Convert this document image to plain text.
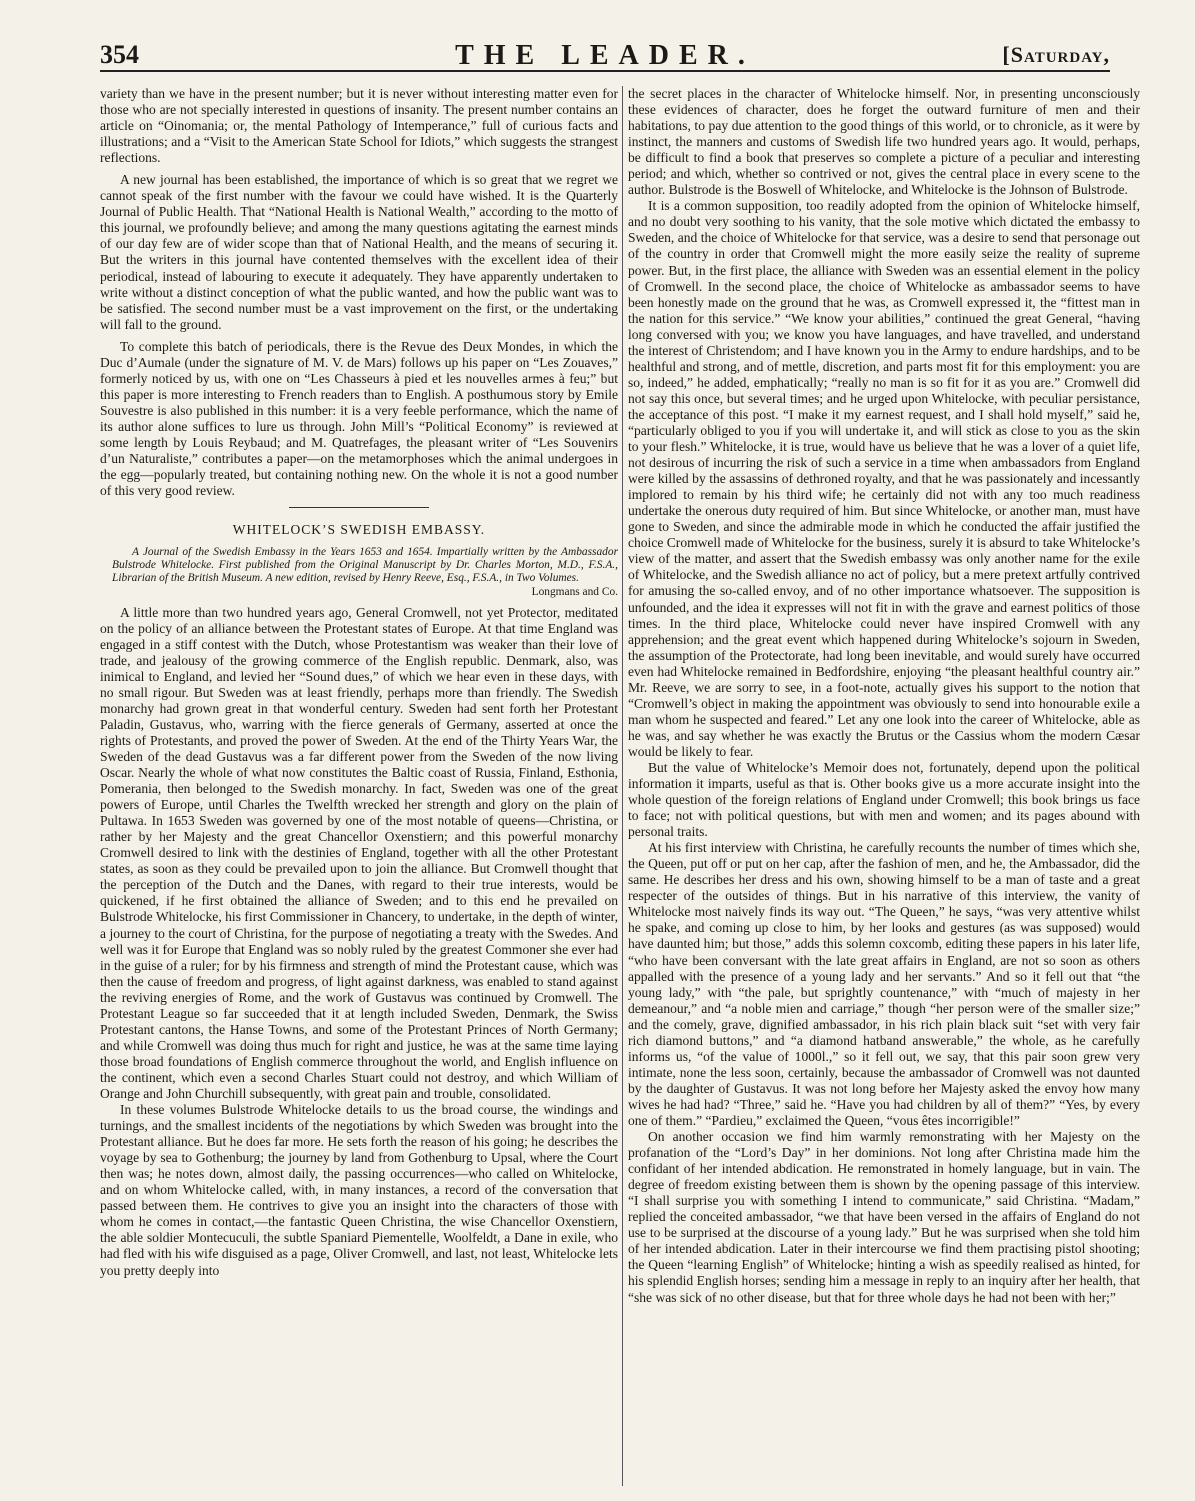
354	THE LEADER.	[Saturday,

variety than we have in the present number; but it is never without interesting matter even for those who are not specially interested in questions of insanity. The present number contains an article on “Oinomania; or, the mental Pathology of Intemperance,” full of curious facts and illustrations; and a “Visit to the American State School for Idiots,” which suggests the strangest reflections.

A new journal has been established, the importance of which is so great that we regret we cannot speak of the first number with the favour we could have wished. It is the Quarterly Journal of Public Health. That “National Health is National Wealth,” according to the motto of this journal, we profoundly believe; and among the many questions agitating the earnest minds of our day few are of wider scope than that of National Health, and the means of securing it. But the writers in this journal have contented themselves with the excellent idea of their periodical, instead of labouring to execute it adequately. They have apparently undertaken to write without a distinct conception of what the public wanted, and how the public want was to be satisfied. The second number must be a vast improvement on the first, or the undertaking will fall to the ground.

To complete this batch of periodicals, there is the Revue des Deux Mondes, in which the Duc d’Aumale (under the signature of M. V. de Mars) follows up his paper on “Les Zouaves,” formerly noticed by us, with one on “Les Chasseurs à pied et les nouvelles armes à feu;” but this paper is more interesting to French readers than to English. A posthumous story by Emile Souvestre is also published in this number: it is a very feeble performance, which the name of its author alone suffices to lure us through. John Mill’s “Political Economy” is reviewed at some length by Louis Reybaud; and M. Quatrefages, the pleasant writer of “Les Souvenirs d’un Naturaliste,” contributes a paper—on the metamorphoses which the animal undergoes in the egg—popularly treated, but containing nothing new. On the whole it is not a good number of this very good review.

WHITELOCK’S SWEDISH EMBASSY.

A Journal of the Swedish Embassy in the Years 1653 and 1654. Impartially written by the Ambassador Bulstrode Whitelocke. First published from the Original Manuscript by Dr. Charles Morton, M.D., F.S.A., Librarian of the British Museum. A new edition, revised by Henry Reeve, Esq., F.S.A., in Two Volumes.

Longmans and Co.

A little more than two hundred years ago, General Cromwell, not yet Protector, meditated on the policy of an alliance between the Protestant states of Europe. At that time England was engaged in a stiff contest with the Dutch, whose Protestantism was weaker than their love of trade, and jealousy of the growing commerce of the English republic. Denmark, also, was inimical to England, and levied her “Sound dues,” of which we hear even in these days, with no small rigour. But Sweden was at least friendly, perhaps more than friendly. The Swedish monarchy had grown great in that wonderful century. Sweden had sent forth her Protestant Paladin, Gustavus, who, warring with the fierce generals of Germany, asserted at once the rights of Protestants, and proved the power of Sweden. At the end of the Thirty Years War, the Sweden of the dead Gustavus was a far different power from the Sweden of the now living Oscar. Nearly the whole of what now constitutes the Baltic coast of Russia, Finland, Esthonia, Pomerania, then belonged to the Swedish monarchy. In fact, Sweden was one of the great powers of Europe, until Charles the Twelfth wrecked her strength and glory on the plain of Pultawa. In 1653 Sweden was governed by one of the most notable of queens—Christina, or rather by her Majesty and the great Chancellor Oxenstiern; and this powerful monarchy Cromwell desired to link with the destinies of England, together with all the other Protestant states, as soon as they could be prevailed upon to join the alliance. But Cromwell thought that the perception of the Dutch and the Danes, with regard to their true interests, would be quickened, if he first obtained the alliance of Sweden; and to this end he prevailed on Bulstrode Whitelocke, his first Commissioner in Chancery, to undertake, in the depth of winter, a journey to the court of Christina, for the purpose of negotiating a treaty with the Swedes. And well was it for Europe that England was so nobly ruled by the greatest Commoner she ever had in the guise of a ruler; for by his firmness and strength of mind the Protestant cause, which was then the cause of freedom and progress, of light against darkness, was enabled to stand against the reviving energies of Rome, and the work of Gustavus was continued by Cromwell. The Protestant League so far succeeded that it at length included Sweden, Denmark, the Swiss Protestant cantons, the Hanse Towns, and some of the Protestant Princes of North Germany; and while Cromwell was doing thus much for right and justice, he was at the same time laying those broad foundations of English commerce throughout the world, and English influence on the continent, which even a second Charles Stuart could not destroy, and which William of Orange and John Churchill subsequently, with great pain and trouble, consolidated.

In these volumes Bulstrode Whitelocke details to us the broad course, the windings and turnings, and the smallest incidents of the negotiations by which Sweden was brought into the Protestant alliance. But he does far more. He sets forth the reason of his going; he describes the voyage by sea to Gothenburg; the journey by land from Gothenburg to Upsal, where the Court then was; he notes down, almost daily, the passing occurrences—who called on Whitelocke, and on whom Whitelocke called, with, in many instances, a record of the conversation that passed between them. He contrives to give you an insight into the characters of those with whom he comes in contact,—the fantastic Queen Christina, the wise Chancellor Oxenstiern, the able soldier Montecuculi, the subtle Spaniard Piementelle, Woolfeldt, a Dane in exile, who had fled with his wife disguised as a page, Oliver Cromwell, and last, not least, Whitelocke lets you pretty deeply into

the secret places in the character of Whitelocke himself. Nor, in presenting unconsciously these evidences of character, does he forget the outward furniture of men and their habitations, to pay due attention to the good things of this world, or to chronicle, as it were by instinct, the manners and customs of Swedish life two hundred years ago. It would, perhaps, be difficult to find a book that preserves so complete a picture of a peculiar and interesting period; and which, whether so contrived or not, gives the central place in every scene to the author. Bulstrode is the Boswell of Whitelocke, and Whitelocke is the Johnson of Bulstrode.

It is a common supposition, too readily adopted from the opinion of Whitelocke himself, and no doubt very soothing to his vanity, that the sole motive which dictated the embassy to Sweden, and the choice of Whitelocke for that service, was a desire to send that personage out of the country in order that Cromwell might the more easily seize the reality of supreme power. But, in the first place, the alliance with Sweden was an essential element in the policy of Cromwell. In the second place, the choice of Whitelocke as ambassador seems to have been honestly made on the ground that he was, as Cromwell expressed it, the “fittest man in the nation for this service.” “We know your abilities,” continued the great General, “having long conversed with you; we know you have languages, and have travelled, and understand the interest of Christendom; and I have known you in the Army to endure hardships, and to be healthful and strong, and of mettle, discretion, and parts most fit for this employment: you are so, indeed,” he added, emphatically; “really no man is so fit for it as you are.” Cromwell did not say this once, but several times; and he urged upon Whitelocke, with peculiar persistance, the acceptance of this post. “I make it my earnest request, and I shall hold myself,” said he, “particularly obliged to you if you will undertake it, and will stick as close to you as the skin to your flesh.” Whitelocke, it is true, would have us believe that he was a lover of a quiet life, not desirous of incurring the risk of such a service in a time when ambassadors from England were killed by the assassins of dethroned royalty, and that he was passionately and incessantly implored to remain by his third wife; he certainly did not with any too much readiness undertake the onerous duty required of him. But since Whitelocke, or another man, must have gone to Sweden, and since the admirable mode in which he conducted the affair justified the choice Cromwell made of Whitelocke for the business, surely it is absurd to take Whitelocke’s view of the matter, and assert that the Swedish embassy was only another name for the exile of Whitelocke, and the Swedish alliance no act of policy, but a mere pretext artfully contrived for amusing the so-called envoy, and of no other importance whatsoever. The supposition is unfounded, and the idea it expresses will not fit in with the grave and earnest politics of those times. In the third place, Whitelocke could never have inspired Cromwell with any apprehension; and the great event which happened during Whitelocke’s sojourn in Sweden, the assumption of the Protectorate, had long been inevitable, and would surely have occurred even had Whitelocke remained in Bedfordshire, enjoying “the pleasant healthful country air.” Mr. Reeve, we are sorry to see, in a foot-note, actually gives his support to the notion that “Cromwell’s object in making the appointment was obviously to send into honourable exile a man whom he suspected and feared.” Let any one look into the career of Whitelocke, able as he was, and say whether he was exactly the Brutus or the Cassius whom the modern Cæsar would be likely to fear.

But the value of Whitelocke’s Memoir does not, fortunately, depend upon the political information it imparts, useful as that is. Other books give us a more accurate insight into the whole question of the foreign relations of England under Cromwell; this book brings us face to face; not with political questions, but with men and women; and its pages abound with personal traits.

At his first interview with Christina, he carefully recounts the number of times which she, the Queen, put off or put on her cap, after the fashion of men, and he, the Ambassador, did the same. He describes her dress and his own, showing himself to be a man of taste and a great respecter of the outsides of things. But in his narrative of this interview, the vanity of Whitelocke most naively finds its way out. “The Queen,” he says, “was very attentive whilst he spake, and coming up close to him, by her looks and gestures (as was supposed) would have daunted him; but those,” adds this solemn coxcomb, editing these papers in his later life, “who have been conversant with the late great affairs in England, are not so soon as others appalled with the presence of a young lady and her servants.” And so it fell out that “the young lady,” with “the pale, but sprightly countenance,” with “much of majesty in her demeanour,” and “a noble mien and carriage,” though “her person were of the smaller size;” and the comely, grave, dignified ambassador, in his rich plain black suit “set with very fair rich diamond buttons,” and “a diamond hatband answerable,” the whole, as he carefully informs us, “of the value of 1000l.,” so it fell out, we say, that this pair soon grew very intimate, none the less soon, certainly, because the ambassador of Cromwell was not daunted by the daughter of Gustavus. It was not long before her Majesty asked the envoy how many wives he had had? “Three,” said he. “Have you had children by all of them?” “Yes, by every one of them.” “Pardieu,” exclaimed the Queen, “vous êtes incorrigible!”

On another occasion we find him warmly remonstrating with her Majesty on the profanation of the “Lord’s Day” in her dominions. Not long after Christina made him the confidant of her intended abdication. He remonstrated in homely language, but in vain. The degree of freedom existing between them is shown by the opening passage of this interview. “I shall surprise you with something I intend to communicate,” said Christina. “Madam,” replied the conceited ambassador, “we that have been versed in the affairs of England do not use to be surprised at the discourse of a young lady.” But he was surprised when she told him of her intended abdication. Later in their intercourse we find them practising pistol shooting; the Queen “learning English” of Whitelocke; hinting a wish as speedily realised as hinted, for his splendid English horses; sending him a message in reply to an inquiry after her health, that “she was sick of no other disease, but that for three whole days he had not been with her;”
